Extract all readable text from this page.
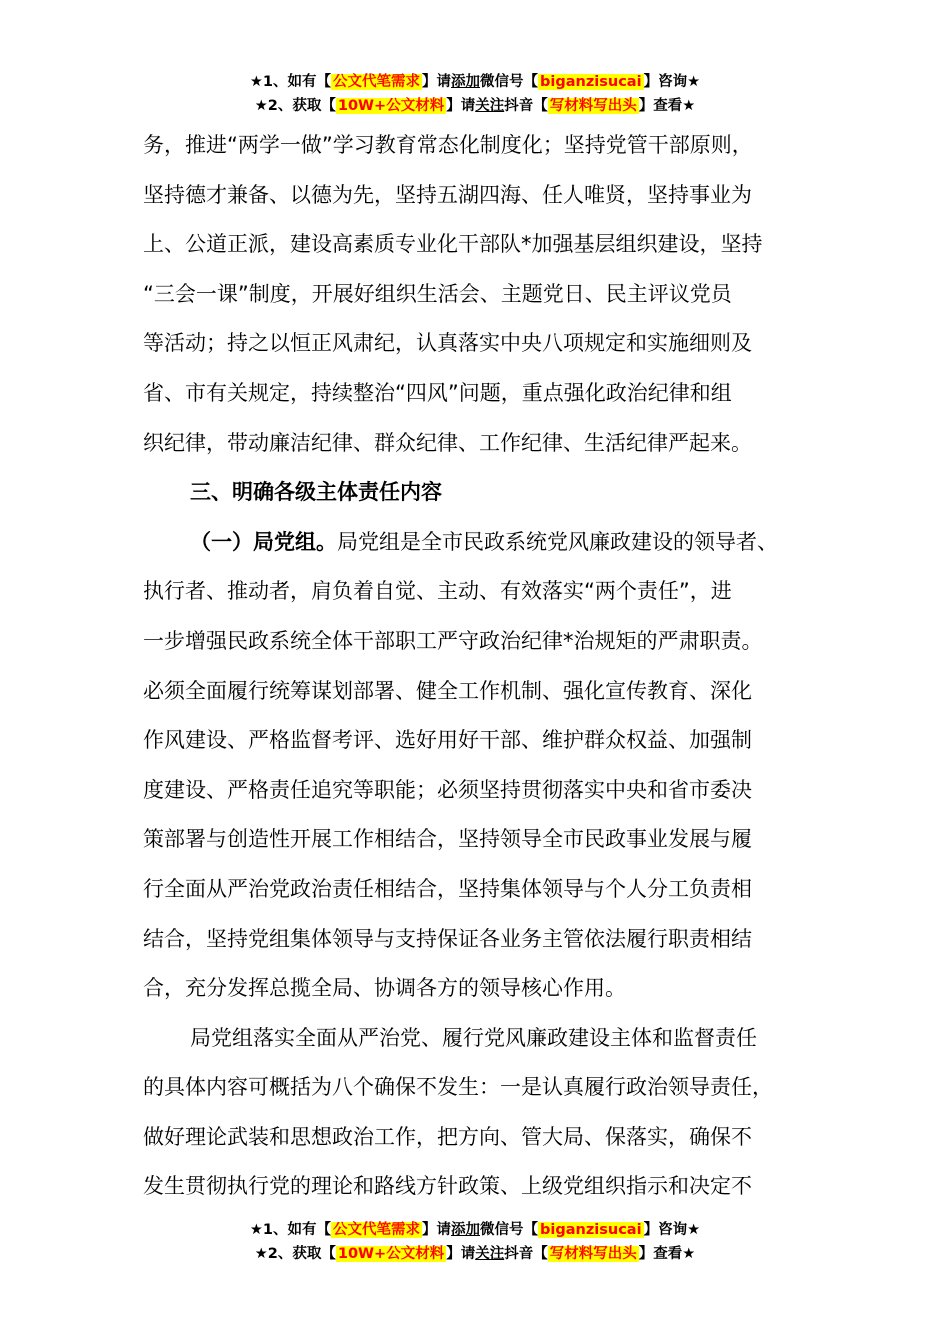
★1、如有【 公文代笔需求 】请添加微信号【 biganzisucai 】咨询★
★2、获取【 10W+公文材料 】请关注抖音【 写材料写出头 】查看★
务，推进“两学一做”学习教育常态化制度化；坚持党管干部原则，
坚持德才兼备、以德为先，坚持五湖四海、任人唯贤，坚持事业为
上、公道正派，建设高素质专业化干部队*加强基层组织建设，坚持
“三会一课”制度，开展好组织生活会、主题党日、民主评议党员
等活动；持之以恒正风肃纪，认真落实中央八项规定和实施细则及
省、市有关规定，持续整治“四风”问题，重点强化政治纪律和组
织纪律，带动廉洁纪律、群众纪律、工作纪律、生活纪律严起来。
三、明确各级主体责任内容
（一）局党组。局党组是全市民政系统党风廉政建设的领导者、
执行者、推动者，肩负着自觉、主动、有效落实“两个责任”，进
一步增强民政系统全体干部职工严守政治纪律*治规矩的严肃职责。
必须全面履行统筹谋划部署、健全工作机制、强化宣传教育、深化
作风建设、严格监督考评、选好用好干部、维护群众权益、加强制
度建设、严格责任追究等职能；必须坚持贯彻落实中央和省市委决
策部署与创造性开展工作相结合，坚持领导全市民政事业发展与履
行全面从严治党政治责任相结合，坚持集体领导与个人分工负责相
结合，坚持党组集体领导与支持保证各业务主管依法履行职责相结
合，充分发挥总揽全局、协调各方的领导核心作用。
局党组落实全面从严治党、履行党风廉政建设主体和监督责任
的具体内容可概括为八个确保不发生：一是认真履行政治领导责任，
做好理论武装和思想政治工作，把方向、管大局、保落实，确保不
发生贯彻执行党的理论和路线方针政策、上级党组织指示和决定不
★1、如有【 公文代笔需求 】请添加微信号【 biganzisucai 】咨询★
★2、获取【 10W+公文材料 】请关注抖音【 写材料写出头 】查看★
